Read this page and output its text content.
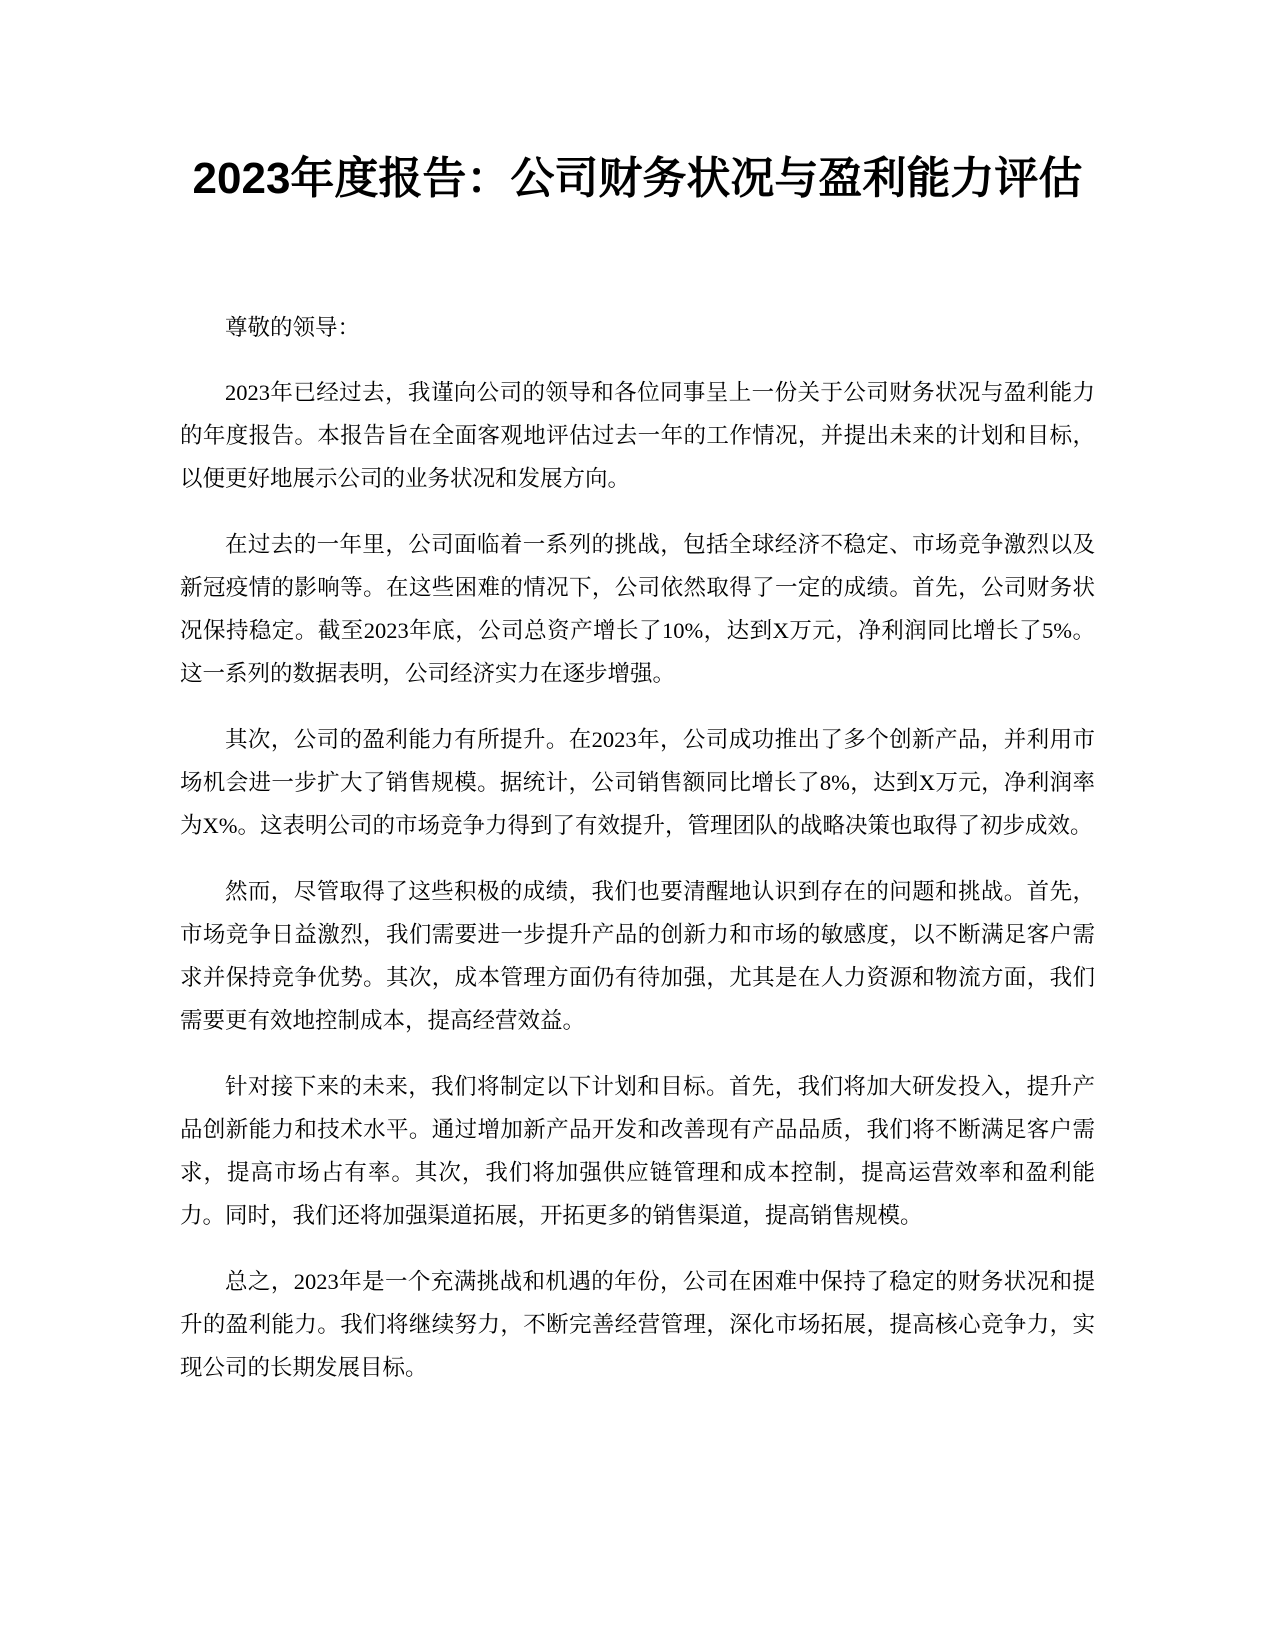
2023年度报告：公司财务状况与盈利能力评估

尊敬的领导：

2023年已经过去，我谨向公司的领导和各位同事呈上一份关于公司财务状况与盈利能力的年度报告。本报告旨在全面客观地评估过去一年的工作情况，并提出未来的计划和目标，以便更好地展示公司的业务状况和发展方向。

在过去的一年里，公司面临着一系列的挑战，包括全球经济不稳定、市场竞争激烈以及新冠疫情的影响等。在这些困难的情况下，公司依然取得了一定的成绩。首先，公司财务状况保持稳定。截至2023年底，公司总资产增长了10%，达到X万元，净利润同比增长了5%。这一系列的数据表明，公司经济实力在逐步增强。

其次，公司的盈利能力有所提升。在2023年，公司成功推出了多个创新产品，并利用市场机会进一步扩大了销售规模。据统计，公司销售额同比增长了8%，达到X万元，净利润率为X%。这表明公司的市场竞争力得到了有效提升，管理团队的战略决策也取得了初步成效。

然而，尽管取得了这些积极的成绩，我们也要清醒地认识到存在的问题和挑战。首先，市场竞争日益激烈，我们需要进一步提升产品的创新力和市场的敏感度，以不断满足客户需求并保持竞争优势。其次，成本管理方面仍有待加强，尤其是在人力资源和物流方面，我们需要更有效地控制成本，提高经营效益。

针对接下来的未来，我们将制定以下计划和目标。首先，我们将加大研发投入，提升产品创新能力和技术水平。通过增加新产品开发和改善现有产品品质，我们将不断满足客户需求，提高市场占有率。其次，我们将加强供应链管理和成本控制，提高运营效率和盈利能力。同时，我们还将加强渠道拓展，开拓更多的销售渠道，提高销售规模。

总之，2023年是一个充满挑战和机遇的年份，公司在困难中保持了稳定的财务状况和提升的盈利能力。我们将继续努力，不断完善经营管理，深化市场拓展，提高核心竞争力，实现公司的长期发展目标。
